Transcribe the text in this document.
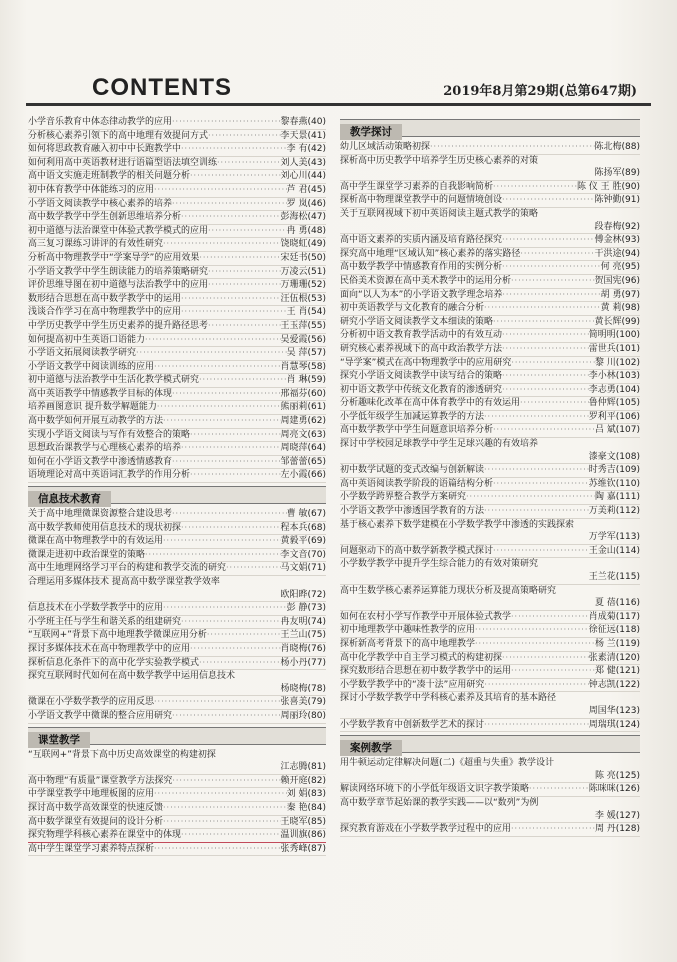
CONTENTS	2019年8月第29期(总第647期)
小学音乐教育中体态律动教学的应用 ·····	黎春燕(40)
分析核心素养引领下的高中地理有效提问方式 ·····	李天景(41)
如何将思政教育融入初中中长跑教学中 ·····	李 有(42)
如何利用高中英语教材进行语篇型语法填空训练 ·····	刘人美(43)
高中语文实施走班制教学的相关问题分析 ·····	刘心川(44)
初中体育教学中体能练习的应用 ·····	芦 君(45)
小学语文阅读教学中核心素养的培养 ·····	罗 岚(46)
高中数学教学中学生创新思维培养分析 ·····	彭海松(47)
初中道德与法治课堂中体验式教学模式的应用 ·····	冉 勇(48)
高三复习课练习讲评的有效性研究 ·····	饶晓虹(49)
分析高中物理教学中“学案导学”的应用效果 ·····	宋廷书(50)
小学语文教学中学生朗读能力的培养策略研究 ·····	万凌云(51)
评价思维导图在初中道德与法治教学中的应用 ·····	万珊珊(52)
数形结合思想在高中数学教学中的运用 ·····	汪伍根(53)
浅谈合作学习在高中物理教学中的应用 ·····	王 肖(54)
中学历史教学中学生历史素养的提升路径思考 ·····	王玉萍(55)
如何提高初中生英语口语能力 ·····	吴爱霞(56)
小学语文拓展阅读教学研究 ·····	吴 萍(57)
小学语文教学中阅读训练的应用 ·····	肖慧琴(58)
初中道德与法治教学中生活化教学模式研究 ·····	肖 琳(59)
高中英语教学中情感教学目标的体现 ·····	邢福芬(60)
培养画图意识 提升数学解题能力 ·····	熊丽莉(61)
高中数学如何开展互动教学的方法 ·····	周建勇(62)
实现小学语文阅读与写作有效整合的策略 ·····	周亮文(63)
思想政治课教学与心理核心素养的培养 ·····	周晓萍(64)
如何在小学语文教学中渗透情感教育 ·····	邹蕾蕾(65)
语境理论对高中英语词汇教学的作用分析 ·····	左小霞(66)
信息技术教育
关于高中地理微课资源整合建设思考 ·····	曹 敏(67)
高中数学教师使用信息技术的现状初探 ·····	程本兵(68)
微课在高中物理教学中的有效运用 ·····	黄毅平(69)
微课走进初中政治课堂的策略 ·····	李文音(70)
高中生地理网络学习平台的构建和教学交流的研究 ·····	马文娟(71)
合理运用多媒体技术 提高高中数学课堂教学效率
欧阳晔(72)
信息技术在小学数学教学中的应用 ·····	彭 静(73)
小学班主任与学生和谐关系的组建研究 ·····	冉友明(74)
“互联网+”背景下高中地理教学微课应用分析 ·····	王兰山(75)
探讨多媒体技术在高中物理教学中的应用 ·····	肖晓梅(76)
探析信息化条件下的高中化学实验教学模式 ·····	杨小丹(77)
探究互联网时代如何在高中数学教学中运用信息技术
杨晓梅(78)
微课在小学数学教学的应用反思 ·····	张喜美(79)
小学语文教学中微课的整合应用研究 ·····	周丽玲(80)
课堂教学
“互联网+”背景下高中历史高效课堂的构建初探
江志腾(81)
高中物理“有质量”课堂教学方法探究 ·····	赖开庭(82)
中学课堂教学中地理板图的应用 ·····	刘 娟(83)
探讨高中数学高效课堂的快速反馈 ·····	秦 艳(84)
高中数学课堂有效提问的设计分析 ·····	王晓军(85)
探究物理学科核心素养在课堂中的体现 ·····	温训旗(86)
高中学生课堂学习素养特点探析 ·····	张秀峰(87)
教学探讨
幼儿区域活动策略初探 ·····	陈北梅(88)
探析高中历史教学中培养学生历史核心素养的对策
陈扬军(89)
高中学生课堂学习素养的自我影响简析 ·····	陈 仪 王 胜(90)
探析高中物理课堂教学中的问题情境创设 ·····	陈钟勤(91)
关于互联网视域下初中英语阅读主题式教学的策略
段春梅(92)
高中语文素养的实质内涵及培育路径探究 ·····	傅金林(93)
探究高中地理“区域认知”核心素养的落实路径 ·····	干洪途(94)
高中数学教学中情感教育作用的实例分析 ·····	何 亮(95)
民俗美术资源在高中美术教学中的运用分析 ·····	贺国宪(96)
面向“以人为本”的小学语文教学理念培养 ·····	胡 勇(97)
初中英语教学与文化教育的融合分析 ·····	黄 莉(98)
研究小学语文阅读教学文本细读的策略 ·····	黄长辉(99)
分析初中语文教育教学活动中的有效互动 ·····	简明明(100)
研究核心素养视域下的高中政治教学方法 ·····	雷世兵(101)
“导学案”模式在高中物理教学中的应用研究 ·····	黎 川(102)
探究小学语文阅读教学中读写结合的策略 ·····	李小林(103)
初中语文教学中传统文化教育的渗透研究 ·····	李志勇(104)
分析趣味化改革在高中体育教学中的有效运用 ·····	鲁仲辉(105)
小学低年级学生加减运算教学的方法 ·····	罗利平(106)
高中数学教学中学生问题意识培养分析 ·····	吕 斌(107)
探讨中学校园足球教学中学生足球兴趣的有效培养
漆豪文(108)
初中数学试题的变式改编与创新解读 ·····	时秀吉(109)
高中英语阅读教学阶段的语篇结构分析 ·····	苏维钦(110)
小学数学跨界整合教学方案研究 ·····	陶 嘉(111)
小学语文教学中渗透国学教育的方法 ·····	万美莉(112)
基于核心素养下数学建模在小学数学教学中渗透的实践探索
万学军(113)
问题驱动下的高中数学新教学模式探讨 ·····	王金山(114)
小学数学教学中提升学生综合能力的有效对策研究
王兰花(115)
高中生数学核心素养运算能力现状分析及提高策略研究
夏 蓓(116)
如何在农村小学写作教学中开展体验式教学 ·····	肖成菊(117)
初中地理教学中趣味性教学的应用 ·····	徐征远(118)
探析新高考背景下的高中地理教学 ·····	杨 兰(119)
高中化学教学中自主学习模式的构建初探 ·····	张素清(120)
探究数形结合思想在初中数学教学中的运用 ·····	郑 健(121)
小学数学教学中的“凑十法”应用研究 ·····	钟志凯(122)
探讨小学数学教学中学科核心素养及其培育的基本路径
周国华(123)
小学数学教育中创新数学艺术的探讨 ·····	周瑞琪(124)
案例教学
用牛顿运动定律解决问题(二)《超重与失重》教学设计
陈 亮(125)
解读网络环境下的小学低年级语文识字教学策略 ·····	陈咪咪(126)
高中数学章节起始课的教学实践——以“数列”为例
李 媛(127)
探究教育游戏在小学数学教学过程中的应用 ·····	周 丹(128)
